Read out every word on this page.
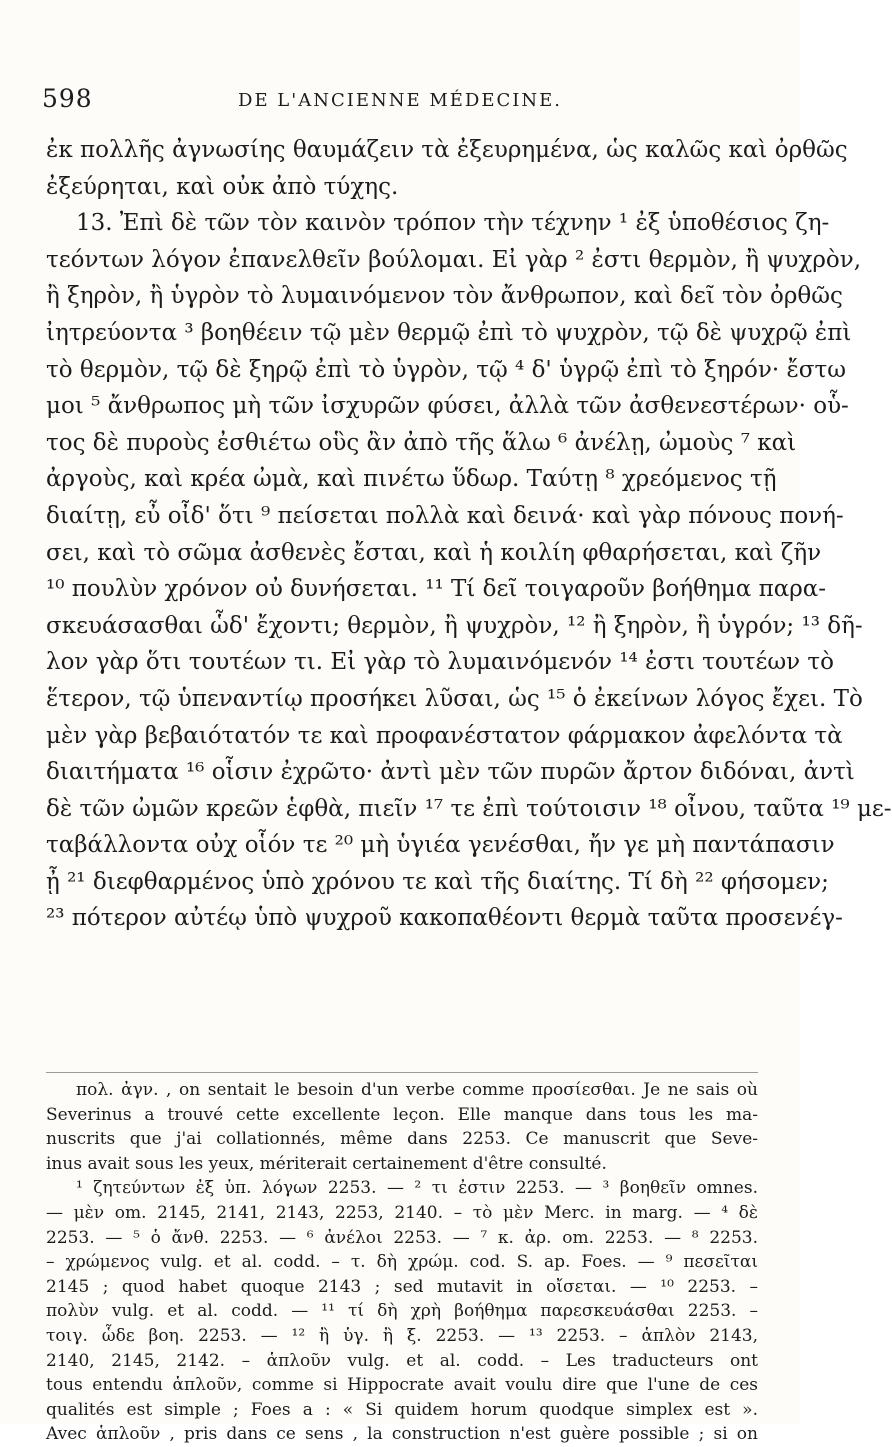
598	DE L'ANCIENNE MÉDECINE.
ἐκ πολλῆς ἀγνωσίης θαυμάζειν τὰ ἐξευρημένα, ὡς καλῶς καὶ ὀρθῶς
ἐξεύρηται, καὶ οὐκ ἀπὸ τύχης.
13. Ἐπὶ δὲ τῶν τὸν καινὸν τρόπον τὴν τέχνην ¹ ἐξ ὑποθέσιος ζη-
τεόντων λόγον ἐπανελθεῖν βούλομαι. Εἰ γὰρ ² ἐστι θερμὸν, ἢ ψυχρὸν,
ἢ ξηρὸν, ἢ ὑγρὸν τὸ λυμαινόμενον τὸν ἄνθρωπον, καὶ δεῖ τὸν ὀρθῶς
ἰητρεύοντα ³ βοηθέειν τῷ μὲν θερμῷ ἐπὶ τὸ ψυχρὸν, τῷ δὲ ψυχρῷ ἐπὶ
τὸ θερμὸν, τῷ δὲ ξηρῷ ἐπὶ τὸ ὑγρὸν, τῷ ⁴ δ' ὑγρῷ ἐπὶ τὸ ξηρόν· ἔστω
μοι ⁵ ἄνθρωπος μὴ τῶν ἰσχυρῶν φύσει, ἀλλὰ τῶν ἀσθενεστέρων· οὗ-
τος δὲ πυροὺς ἐσθιέτω οὓς ἂν ἀπὸ τῆς ἅλω ⁶ ἀνέλῃ, ὠμοὺς ⁷ καὶ
ἀργοὺς, καὶ κρέα ὠμὰ, καὶ πινέτω ὕδωρ. Ταύτῃ ⁸ χρεόμενος τῇ
διαίτῃ, εὖ οἶδ' ὅτι ⁹ πείσεται πολλὰ καὶ δεινά· καὶ γὰρ πόνους πονή-
σει, καὶ τὸ σῶμα ἀσθενὲς ἔσται, καὶ ἡ κοιλίη φθαρήσεται, καὶ ζῆν
¹⁰ πουλὺν χρόνον οὐ δυνήσεται. ¹¹ Τί δεῖ τοιγαροῦν βοήθημα παρα-
σκευάσασθαι ὧδ' ἔχοντι; θερμὸν, ἢ ψυχρὸν, ¹² ἢ ξηρὸν, ἢ ὑγρόν; ¹³ δῆ-
λον γὰρ ὅτι τουτέων τι. Εἰ γὰρ τὸ λυμαινόμενόν ¹⁴ ἐστι τουτέων τὸ
ἕτερον, τῷ ὑπεναντίῳ προσήκει λῦσαι, ὡς ¹⁵ ὁ ἐκείνων λόγος ἔχει. Τὸ
μὲν γὰρ βεβαιότατόν τε καὶ προφανέστατον φάρμακον ἀφελόντα τὰ
διαιτήματα ¹⁶ οἷσιν ἐχρῶτο· ἀντὶ μὲν τῶν πυρῶν ἄρτον διδόναι, ἀντὶ
δὲ τῶν ὠμῶν κρεῶν ἑφθὰ, πιεῖν ¹⁷ τε ἐπὶ τούτοισιν ¹⁸ οἶνου, ταῦτα ¹⁹ με-
ταβάλλοντα οὐχ οἷόν τε ²⁰ μὴ ὑγιέα γενέσθαι, ἤν γε μὴ παντάπασιν
ᾖ ²¹ διεφθαρμένος ὑπὸ χρόνου τε καὶ τῆς διαίτης. Τί δὴ ²² φήσομεν;
²³ πότερον αὐτέῳ ὑπὸ ψυχροῦ κακοπαθέοντι θερμὰ ταῦτα προσενέγ-
πολ. ἀγν. , on sentait le besoin d'un verbe comme προσίεσθαι. Je ne sais où
Severinus a trouvé cette excellente leçon. Elle manque dans tous les ma-
nuscrits que j'ai collationnés, même dans 2253. Ce manuscrit que Seve-
inus avait sous les yeux, mériterait certainement d'être consulté.
¹ ζητεύντων ἐξ ὑπ. λόγων 2253. — ² τι ἐστιν 2253. — ³ βοηθεῖν omnes.
— μὲν om. 2145, 2141, 2143, 2253, 2140. – τὸ μὲν Merc. in marg. — ⁴ δὲ
2253. — ⁵ ὁ ἄνθ. 2253. — ⁶ ἀνέλοι 2253. — ⁷ κ. ἀρ. om. 2253. — ⁸ 2253.
– χρώμενος vulg. et al. codd. – τ. δὴ χρώμ. cod. S. ap. Foes. — ⁹ πεσεῖται
2145 ; quod habet quoque 2143 ; sed mutavit in οἴσεται. — ¹⁰ 2253. –
πολὺν vulg. et al. codd. — ¹¹ τί δὴ χρὴ βοήθημα παρεσκευάσθαι 2253. –
τοιγ. ὧδε βοη. 2253. — ¹² ἢ ὑγ. ἢ ξ. 2253. — ¹³ 2253. – ἁπλὸν 2143,
2140, 2145, 2142. – ἁπλοῦν vulg. et al. codd. – Les traducteurs ont
tous entendu ἁπλοῦν, comme si Hippocrate avait voulu dire que l'une de ces
qualités est simple ; Foes a : « Si quidem horum quodque simplex est ».
Avec ἁπλοῦν , pris dans ce sens , la construction n'est guère possible ; si on
